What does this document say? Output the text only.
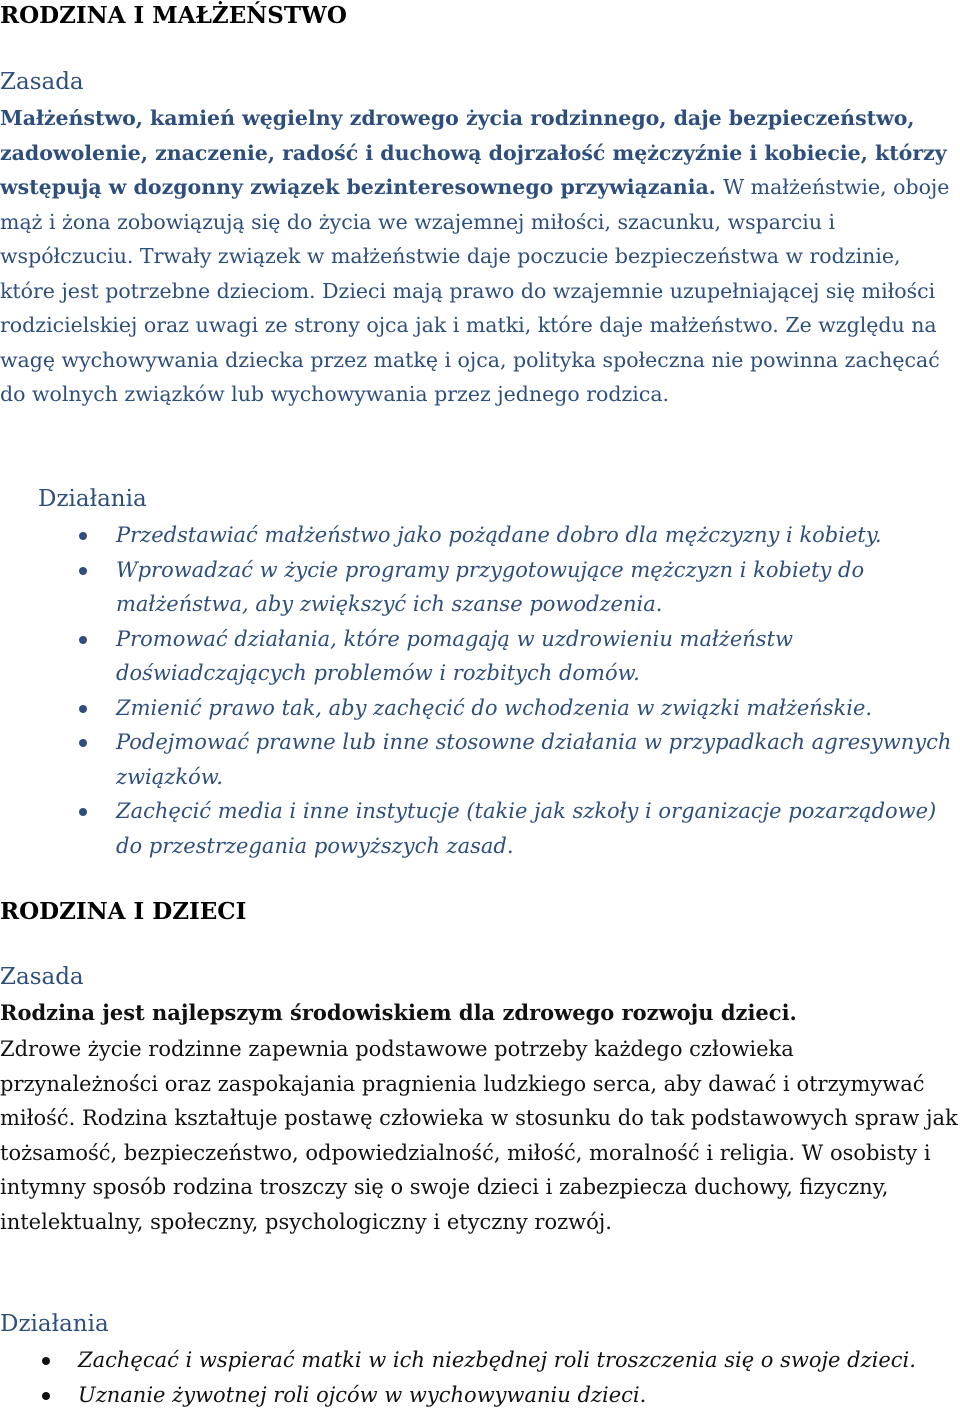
RODZINA I MAŁŻEŃSTWO
Zasada

Małżeństwo, kamień węgielny zdrowego życia rodzinnego, daje bezpieczeństwo, zadowolenie, znaczenie, radość i duchową dojrzałość mężczyźnie i kobiecie, którzy wstępują w dozgonny związek bezinteresownego przywiązania. W małżeństwie, oboje mąż i żona zobowiązują się do życia we wzajemnej miłości, szacunku, wsparciu i współczuciu. Trwały związek w małżeństwie daje poczucie bezpieczeństwa w rodzinie, które jest potrzebne dzieciom. Dzieci mają prawo do wzajemnie uzupełniającej się miłości rodzicielskiej oraz uwagi ze strony ojca jak i matki, które daje małżeństwo. Ze względu na wagę wychowywania dziecka przez matkę i ojca, polityka społeczna nie powinna zachęcać do wolnych związków lub wychowywania przez jednego rodzica.

Działania
Przedstawiać małżeństwo jako pożądane dobro dla mężczyzny i kobiety.
Wprowadzać w życie programy przygotowujące mężczyzn i kobiety do małżeństwa, aby zwiększyć ich szanse powodzenia.
Promować działania, które pomagają w uzdrowieniu małżeństw doświadczających problemów i rozbitych domów.
Zmienić prawo tak, aby zachęcić do wchodzenia w związki małżeńskie.
Podejmować prawne lub inne stosowne działania w przypadkach agresywnych związków.
Zachęcić media i inne instytucje (takie jak szkoły i organizacje pozarządowe) do przestrzegania powyższych zasad.
RODZINA I DZIECI
Zasada

Rodzina jest najlepszym środowiskiem dla zdrowego rozwoju dzieci.

Zdrowe życie rodzinne zapewnia podstawowe potrzeby każdego człowieka przynależności oraz zaspokajania pragnienia ludzkiego serca, aby dawać i otrzymywać miłość. Rodzina kształtuje postawę człowieka w stosunku do tak podstawowych spraw jak tożsamość, bezpieczeństwo, odpowiedzialność, miłość, moralność i religia. W osobisty i intymny sposób rodzina troszczy się o swoje dzieci i zabezpiecza duchowy, fizyczny, intelektualny, społeczny, psychologiczny i etyczny rozwój.

Działania
Zachęcać i wspierać matki w ich niezbędnej roli troszczenia się o swoje dzieci.
Uznanie żywotnej roli ojców w wychowywaniu dzieci.
